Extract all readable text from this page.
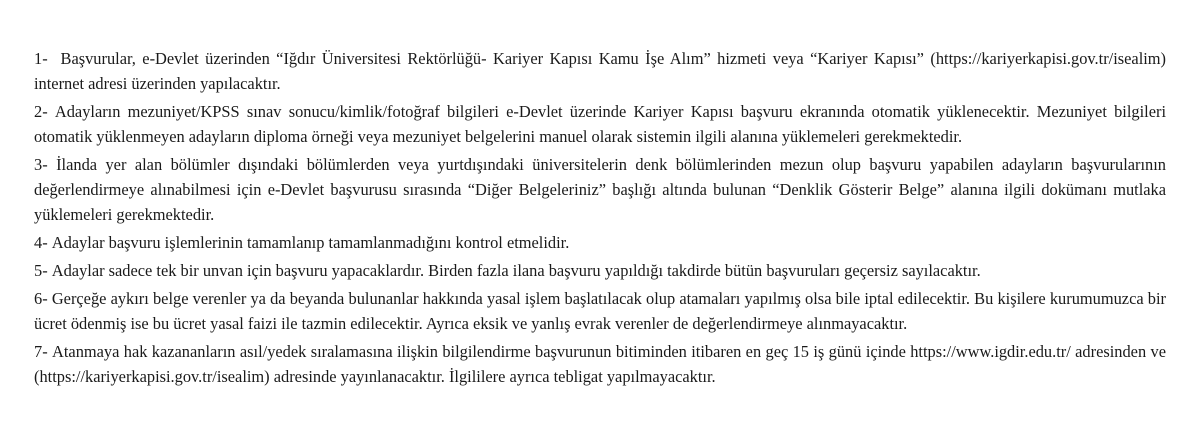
1- Başvurular, e-Devlet üzerinden “Iğdır Üniversitesi Rektörlüğü- Kariyer Kapısı Kamu İşe Alım” hizmeti veya “Kariyer Kapısı” (https://kariyerkapisi.gov.tr/isealim) internet adresi üzerinden yapılacaktır.

2- Adayların mezuniyet/KPSS sınav sonucu/kimlik/fotoğraf bilgileri e-Devlet üzerinde Kariyer Kapısı başvuru ekranında otomatik yüklenecektir. Mezuniyet bilgileri otomatik yüklenmeyen adayların diploma örneği veya mezuniyet belgelerini manuel olarak sistemin ilgili alanına yüklemeleri gerekmektedir.

3- İlanda yer alan bölümler dışındaki bölümlerden veya yurtdışındaki üniversitelerin denk bölümlerinden mezun olup başvuru yapabilen adayların başvurularının değerlendirmeye alınabilmesi için e-Devlet başvurusu sırasında “Diğer Belgeleriniz” başlığı altında bulunan “Denklik Gösterir Belge” alanına ilgili dokümanı mutlaka yüklemeleri gerekmektedir.

4- Adaylar başvuru işlemlerinin tamamlanıp tamamlanmadığını kontrol etmelidir.

5- Adaylar sadece tek bir unvan için başvuru yapacaklardır. Birden fazla ilana başvuru yapıldığı takdirde bütün başvuruları geçersiz sayılacaktır.

6- Gerçeğe aykırı belge verenler ya da beyanda bulunanlar hakkında yasal işlem başlatılacak olup atamaları yapılmış olsa bile iptal edilecektir. Bu kişilere kurumumuzca bir ücret ödenmiş ise bu ücret yasal faizi ile tazmin edilecektir. Ayrıca eksik ve yanlış evrak verenler de değerlendirmeye alınmayacaktır.

7- Atanmaya hak kazananların asıl/yedek sıralamasına ilişkin bilgilendirme başvurunun bitiminden itibaren en geç 15 iş günü içinde https://www.igdir.edu.tr/ adresinden ve (https://kariyerkapisi.gov.tr/isealim) adresinde yayınlanacaktır. İlgililere ayrıca tebligat yapılmayacaktır.
